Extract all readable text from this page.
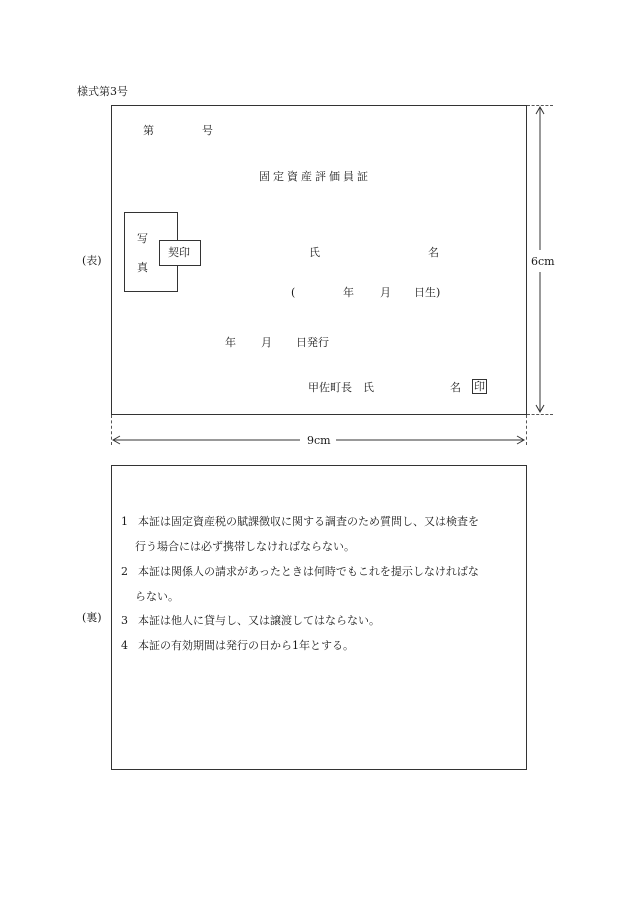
様式第3号
(表)
第	号
固定資産評価員証
写
真
契印	氏	名
(	年 月 日生)
年 月 日発行
甲佐町長　氏	名 印
6cm
9cm
(裏)
1 本証は固定資産税の賦課徴収に関する調査のため質問し、又は検査を
行う場合には必ず携帯しなければならない。
2 本証は関係人の請求があったときは何時でもこれを提示しなければな
らない。
3 本証は他人に貸与し、又は譲渡してはならない。
4 本証の有効期間は発行の日から1年とする。
